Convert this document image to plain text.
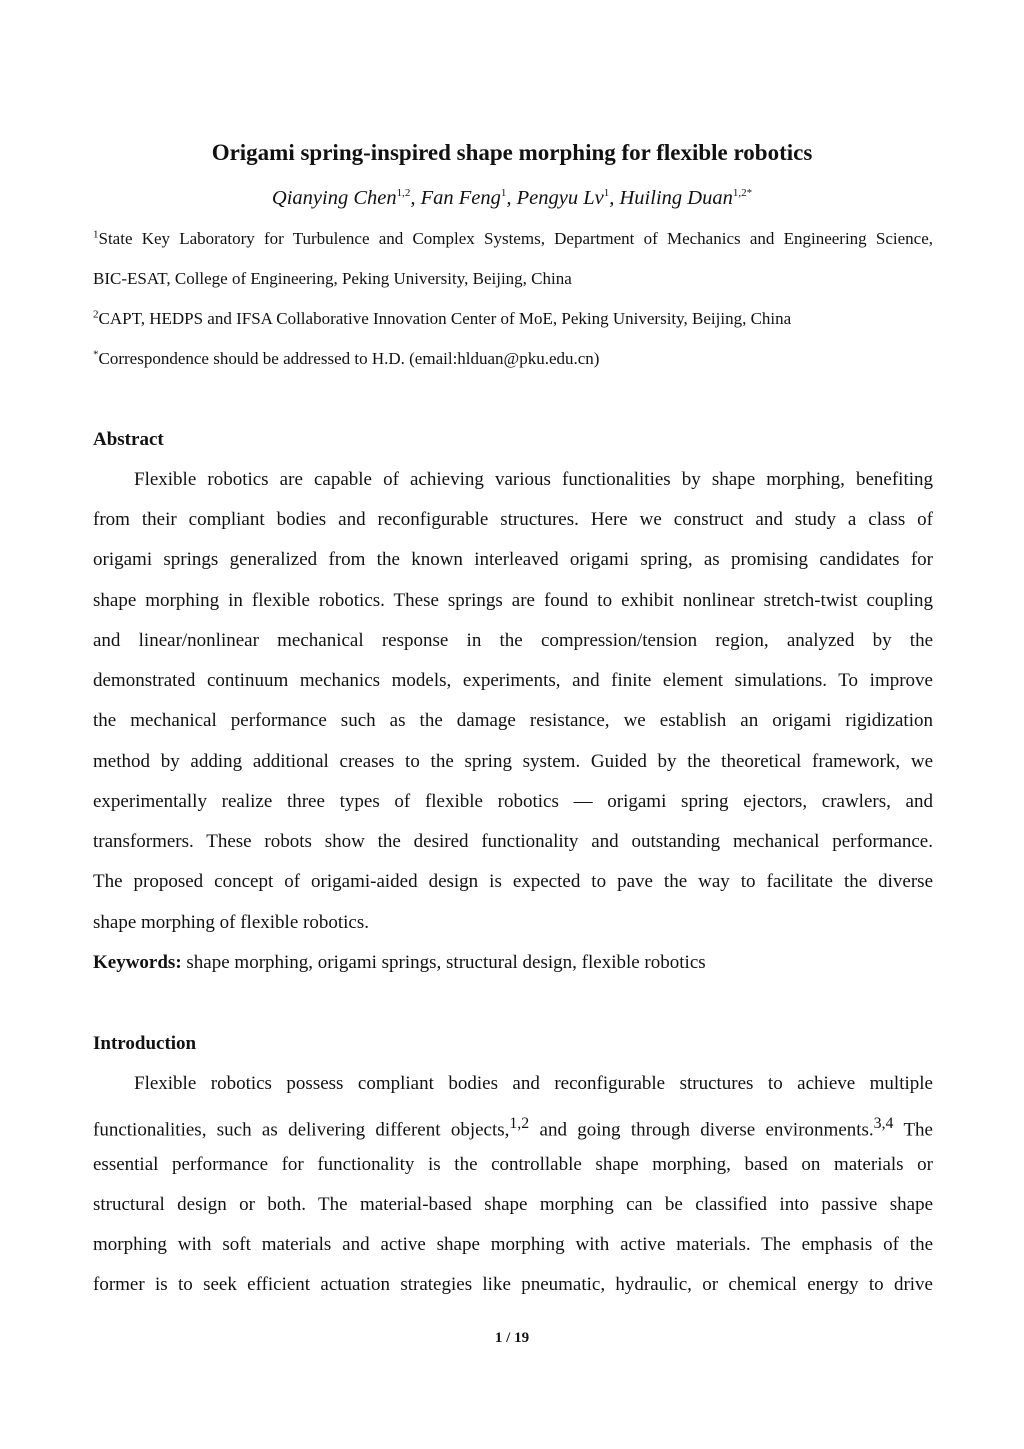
Origami spring-inspired shape morphing for flexible robotics
Qianying Chen$^{1,2}$, Fan Feng$^1$, Pengyu Lv$^1$, Huiling Duan$^{1,2*}$
$^1$State Key Laboratory for Turbulence and Complex Systems, Department of Mechanics and Engineering Science,
BIC-ESAT, College of Engineering, Peking University, Beijing, China
$^2$CAPT, HEDPS and IFSA Collaborative Innovation Center of MoE, Peking University, Beijing, China
*Correspondence should be addressed to H.D. (email:hlduan@pku.edu.cn)
Abstract
Flexible robotics are capable of achieving various functionalities by shape morphing, benefiting
from their compliant bodies and reconfigurable structures. Here we construct and study a class of
origami springs generalized from the known interleaved origami spring, as promising candidates for
shape morphing in flexible robotics. These springs are found to exhibit nonlinear stretch-twist coupling
and linear/nonlinear mechanical response in the compression/tension region, analyzed by the
demonstrated continuum mechanics models, experiments, and finite element simulations. To improve
the mechanical performance such as the damage resistance, we establish an origami rigidization
method by adding additional creases to the spring system. Guided by the theoretical framework, we
experimentally realize three types of flexible robotics — origami spring ejectors, crawlers, and
transformers. These robots show the desired functionality and outstanding mechanical performance.
The proposed concept of origami-aided design is expected to pave the way to facilitate the diverse
shape morphing of flexible robotics.
Keywords: shape morphing, origami springs, structural design, flexible robotics
Introduction
Flexible robotics possess compliant bodies and reconfigurable structures to achieve multiple
functionalities, such as delivering different objects,$^{1,2}$ and going through diverse environments.$^{3,4}$ The
essential performance for functionality is the controllable shape morphing, based on materials or
structural design or both. The material-based shape morphing can be classified into passive shape
morphing with soft materials and active shape morphing with active materials. The emphasis of the
former is to seek efficient actuation strategies like pneumatic, hydraulic, or chemical energy to drive
1 / 19
